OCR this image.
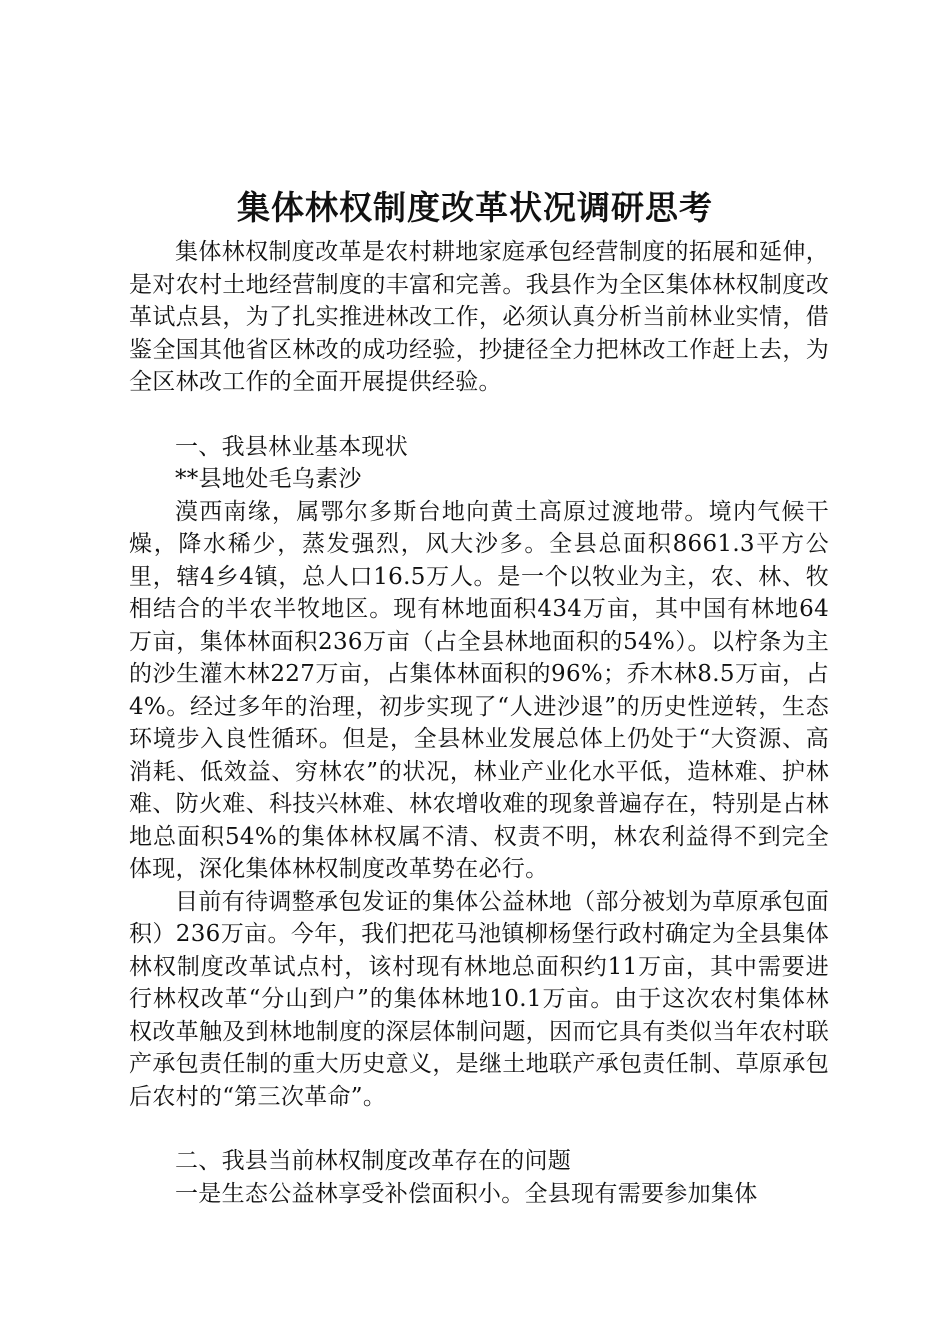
集体林权制度改革状况调研思考

集体林权制度改革是农村耕地家庭承包经营制度的拓展和延伸，是对农村土地经营制度的丰富和完善。我县作为全区集体林权制度改革试点县，为了扎实推进林改工作，必须认真分析当前林业实情，借鉴全国其他省区林改的成功经验，抄捷径全力把林改工作赶上去，为全区林改工作的全面开展提供经验。

一、我县林业基本现状

**县地处毛乌素沙

漠西南缘，属鄂尔多斯台地向黄土高原过渡地带。境内气候干燥，降水稀少，蒸发强烈，风大沙多。全县总面积8661.3平方公里，辖4乡4镇，总人口16.5万人。是一个以牧业为主，农、林、牧相结合的半农半牧地区。现有林地面积434万亩，其中国有林地64万亩，集体林面积236万亩（占全县林地面积的54%）。以柠条为主的沙生灌木林227万亩，占集体林面积的96%；乔木林8.5万亩，占4%。经过多年的治理，初步实现了“人进沙退”的历史性逆转，生态环境步入良性循环。但是，全县林业发展总体上仍处于“大资源、高消耗、低效益、穷林农”的状况，林业产业化水平低，造林难、护林难、防火难、科技兴林难、林农增收难的现象普遍存在，特别是占林地总面积54%的集体林权属不清、权责不明，林农利益得不到完全体现，深化集体林权制度改革势在必行。

目前有待调整承包发证的集体公益林地（部分被划为草原承包面积）236万亩。今年，我们把花马池镇柳杨堡行政村确定为全县集体林权制度改革试点村，该村现有林地总面积约11万亩，其中需要进行林权改革“分山到户”的集体林地10.1万亩。由于这次农村集体林权改革触及到林地制度的深层体制问题，因而它具有类似当年农村联产承包责任制的重大历史意义，是继土地联产承包责任制、草原承包后农村的“第三次革命”。

二、我县当前林权制度改革存在的问题

一是生态公益林享受补偿面积小。全县现有需要参加集体
